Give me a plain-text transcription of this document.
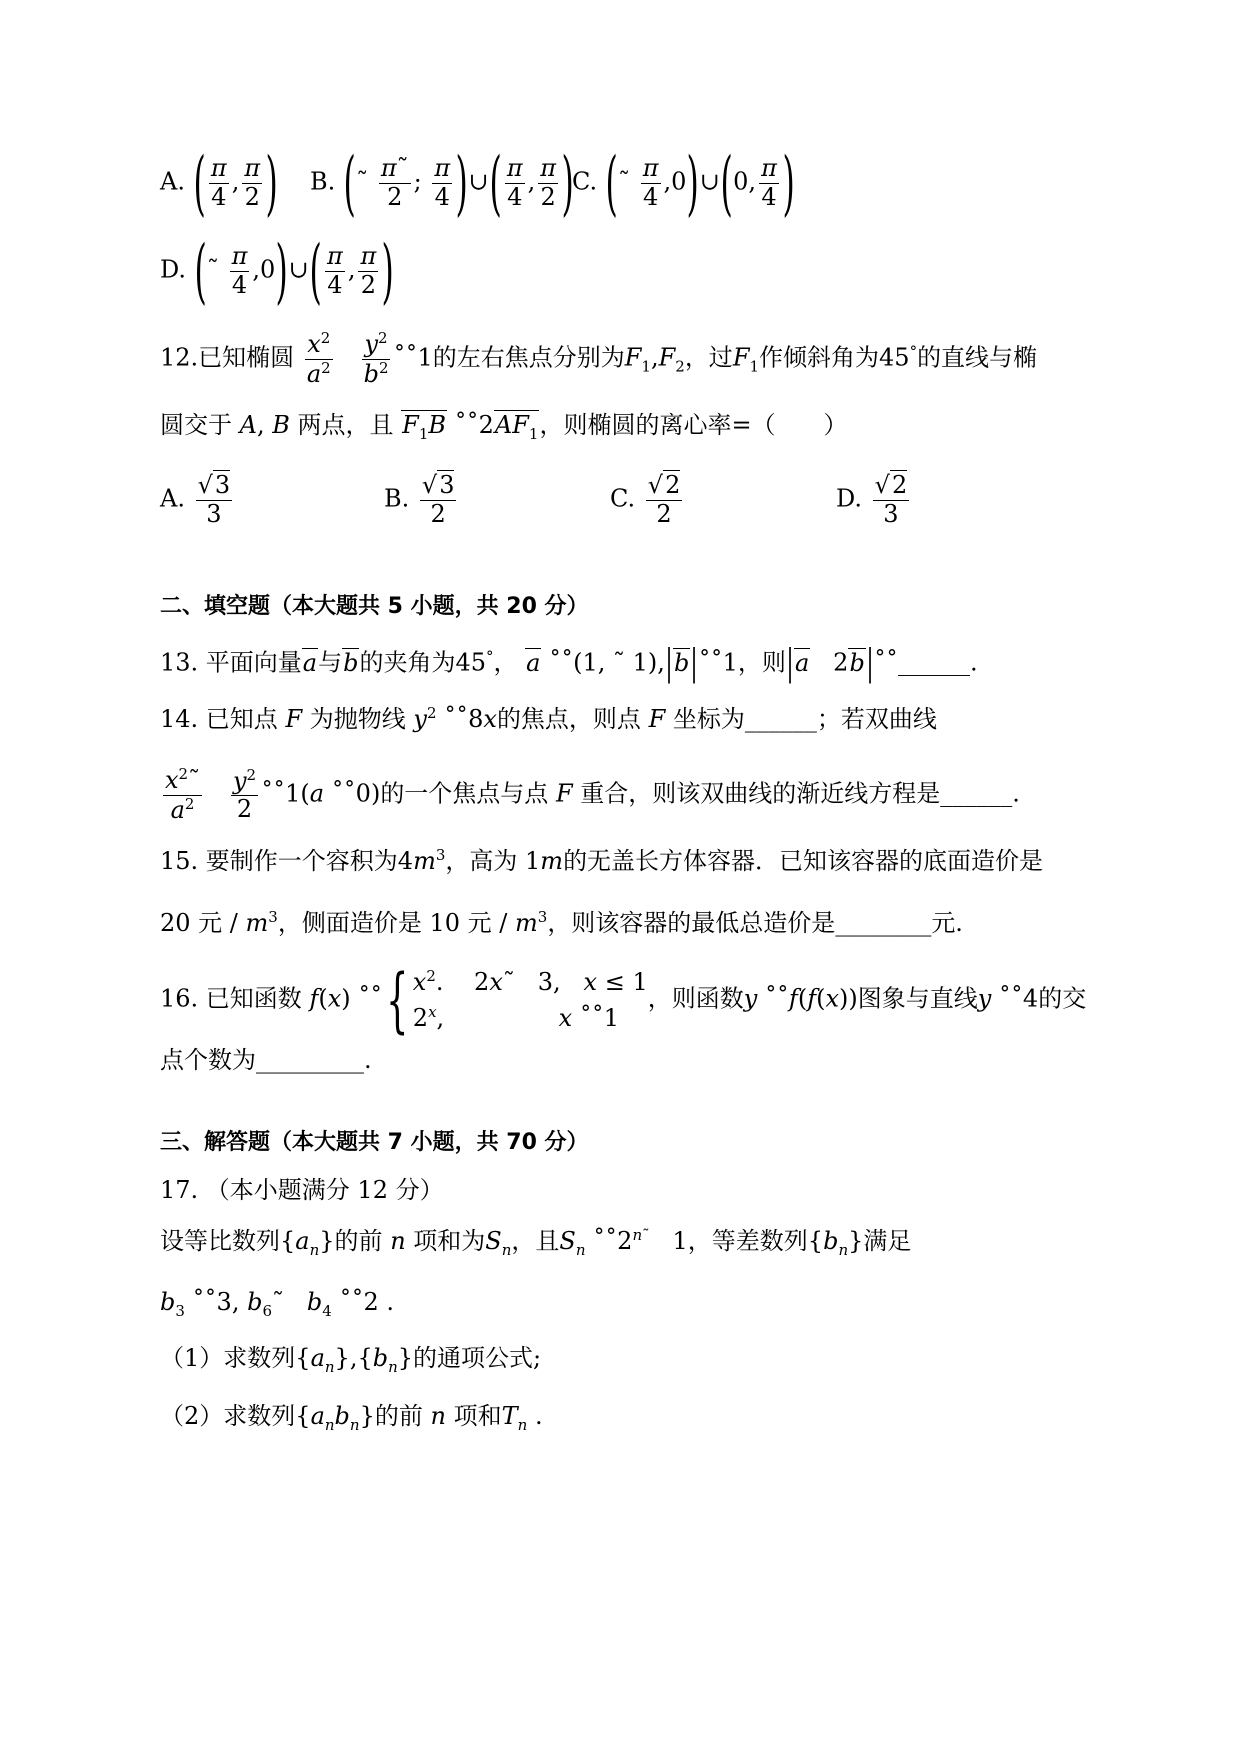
A. ( $\frac{\pi}{4}$ , $\frac{\pi}{2}$ ) B. (˜ $\frac{\pi˜}{2}$ ; $\frac{\pi}{4}$ )∪( $\frac{\pi}{4}$ , $\frac{\pi}{2}$ )
C. (˜ $\frac{\pi}{4}$ ,0)∪(0, $\frac{\pi}{4}$ )
D. (˜ $\frac{\pi}{4}$ ,0)∪( $\frac{\pi}{4}$ , $\frac{\pi}{2}$ )
12.已知椭圆 $\frac{x^2}{a^2}$
$\frac{y^2}{b^2}$ ˚˚1的左右焦点分别为$F_1,F_2$，过$F_1$作倾斜角为45°的直线与椭
圆交于 A, B 两点，且 $F_1B$ $˚˚2AF_1$，则椭圆的离心率=（　　）
A. $\frac{√3}{3}$	B. $\frac{√3}{2}$	C. $\frac{√2}{2}$	D. $\frac{√2}{3}$
二、填空题（本大题共 5 小题，共 20 分）
13. 平面向量a与b的夹角为45°， a ˚˚(1, ˜ 1),|b|˚˚1，则|a   2b|˚˚______.
14. 已知点 F 为抛物线 $y^2$ ˚˚8x的焦点，则点 F 坐标为______；若双曲线
$\frac{x^2˜}{a^2}$
$\frac{y^2}{2}$ ˚˚1(a ˚˚0)的一个焦点与点 F 重合，则该双曲线的渐近线方程是______.
15. 要制作一个容积为$4m^3$，高为 1m的无盖长方体容器．已知该容器的底面造价是
20 元 / $m^3$，侧面造价是 10 元 / $m^3$，则该容器的最低总造价是________元.
16. 已知函数 f(x) ˚˚{ $x^2$.    2x˜   3,   x ≤ 1
2$^x$,               x ˚˚1
，则函数y ˚˚f(f(x))图象与直线y ˚˚4的交
点个数为_________.
三、解答题（本大题共 7 小题，共 70 分）
17. （本小题满分 12 分）
设等比数列$\{a_n\}$的前 n 项和为$S_n$，且$S_n$ $˚˚2^{n˜}$ 1，等差数列$\{b_n\}$满足
$b_3$ ˚˚3, $b_6˜$   $b_4$ ˚˚2 .
（1）求数列$\{a_n\},\{b_n\}$的通项公式;
（2）求数列$\{a_nb_n\}$的前 n 项和$T_n$ .
